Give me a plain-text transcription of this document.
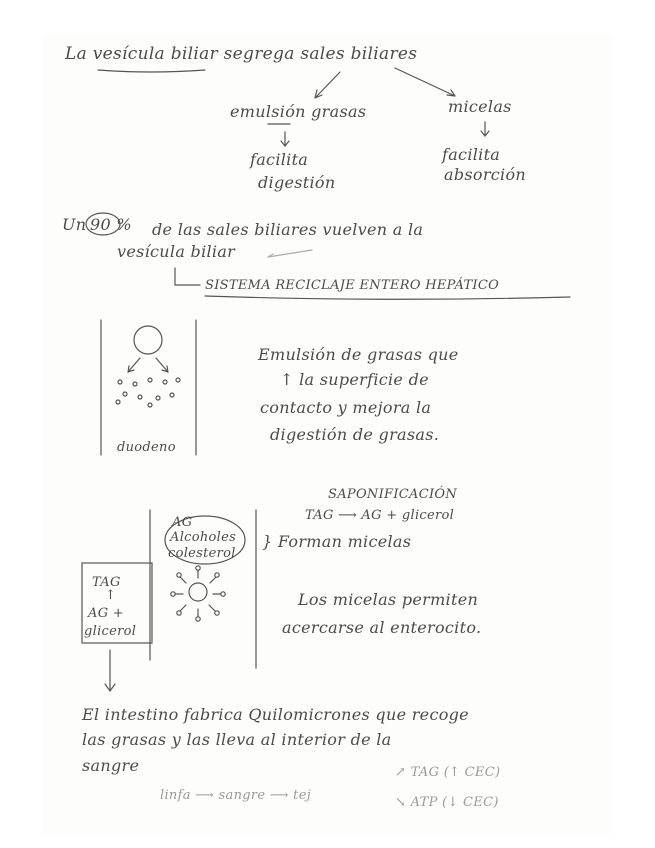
La vesícula biliar segrega sales biliares
emulsión grasas
facilita
digestión
micelas
facilita
absorción
Un 90 % de las sales biliares vuelven a la
vesícula biliar
SISTEMA RECICLAJE ENTERO HEPÁTICO
Emulsión de grasas que
↑ la superficie de
contacto y mejora la
digestión de grasas.
duodeno
SAPONIFICACIÓN
TAG ⟶ AG + glicerol
AG
Alcoholes
colesterol
} Forman micelas
TAG
↑
AG +
glicerol
Los micelas permiten
acercarse al enterocito.
El intestino fabrica Quilomicrones que recoge
las grasas y las lleva al interior de la
sangre
linfa ⟶ sangre ⟶ tej
↗ TAG (↑ CEC)
↘ ATP (↓ CEC)
